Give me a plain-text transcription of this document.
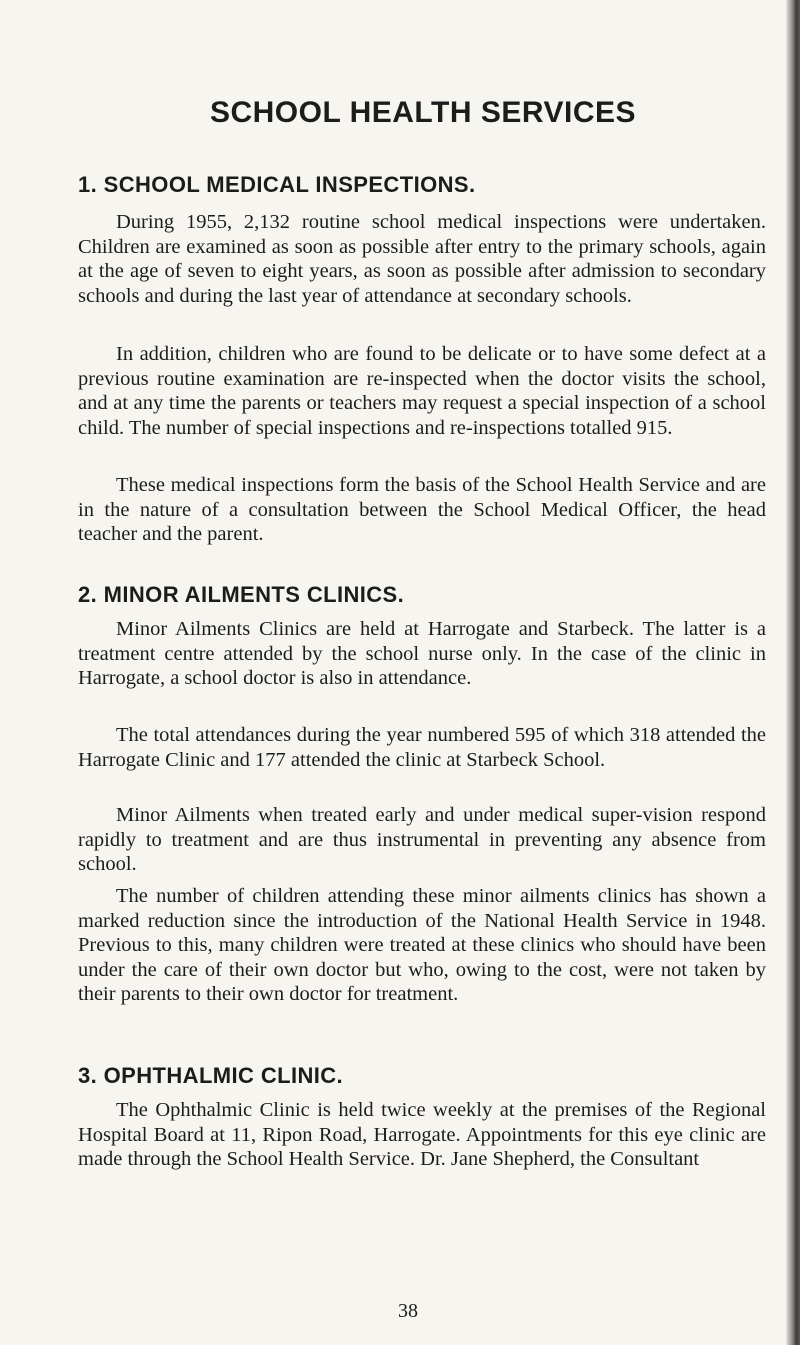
SCHOOL HEALTH SERVICES
1. SCHOOL MEDICAL INSPECTIONS.

During 1955, 2,132 routine school medical inspections were undertaken. Children are examined as soon as possible after entry to the primary schools, again at the age of seven to eight years, as soon as possible after admission to secondary schools and during the last year of attendance at secondary schools.

In addition, children who are found to be delicate or to have some defect at a previous routine examination are re-inspected when the doctor visits the school, and at any time the parents or teachers may request a special inspection of a school child. The number of special inspections and re-inspections totalled 915.

These medical inspections form the basis of the School Health Service and are in the nature of a consultation between the School Medical Officer, the head teacher and the parent.

2. MINOR AILMENTS CLINICS.

Minor Ailments Clinics are held at Harrogate and Starbeck. The latter is a treatment centre attended by the school nurse only. In the case of the clinic in Harrogate, a school doctor is also in attendance.

The total attendances during the year numbered 595 of which 318 attended the Harrogate Clinic and 177 attended the clinic at Starbeck School.

Minor Ailments when treated early and under medical super-vision respond rapidly to treatment and are thus instrumental in preventing any absence from school.

The number of children attending these minor ailments clinics has shown a marked reduction since the introduction of the National Health Service in 1948. Previous to this, many children were treated at these clinics who should have been under the care of their own doctor but who, owing to the cost, were not taken by their parents to their own doctor for treatment.

3. OPHTHALMIC CLINIC.

The Ophthalmic Clinic is held twice weekly at the premises of the Regional Hospital Board at 11, Ripon Road, Harrogate. Appointments for this eye clinic are made through the School Health Service. Dr. Jane Shepherd, the Consultant

38
